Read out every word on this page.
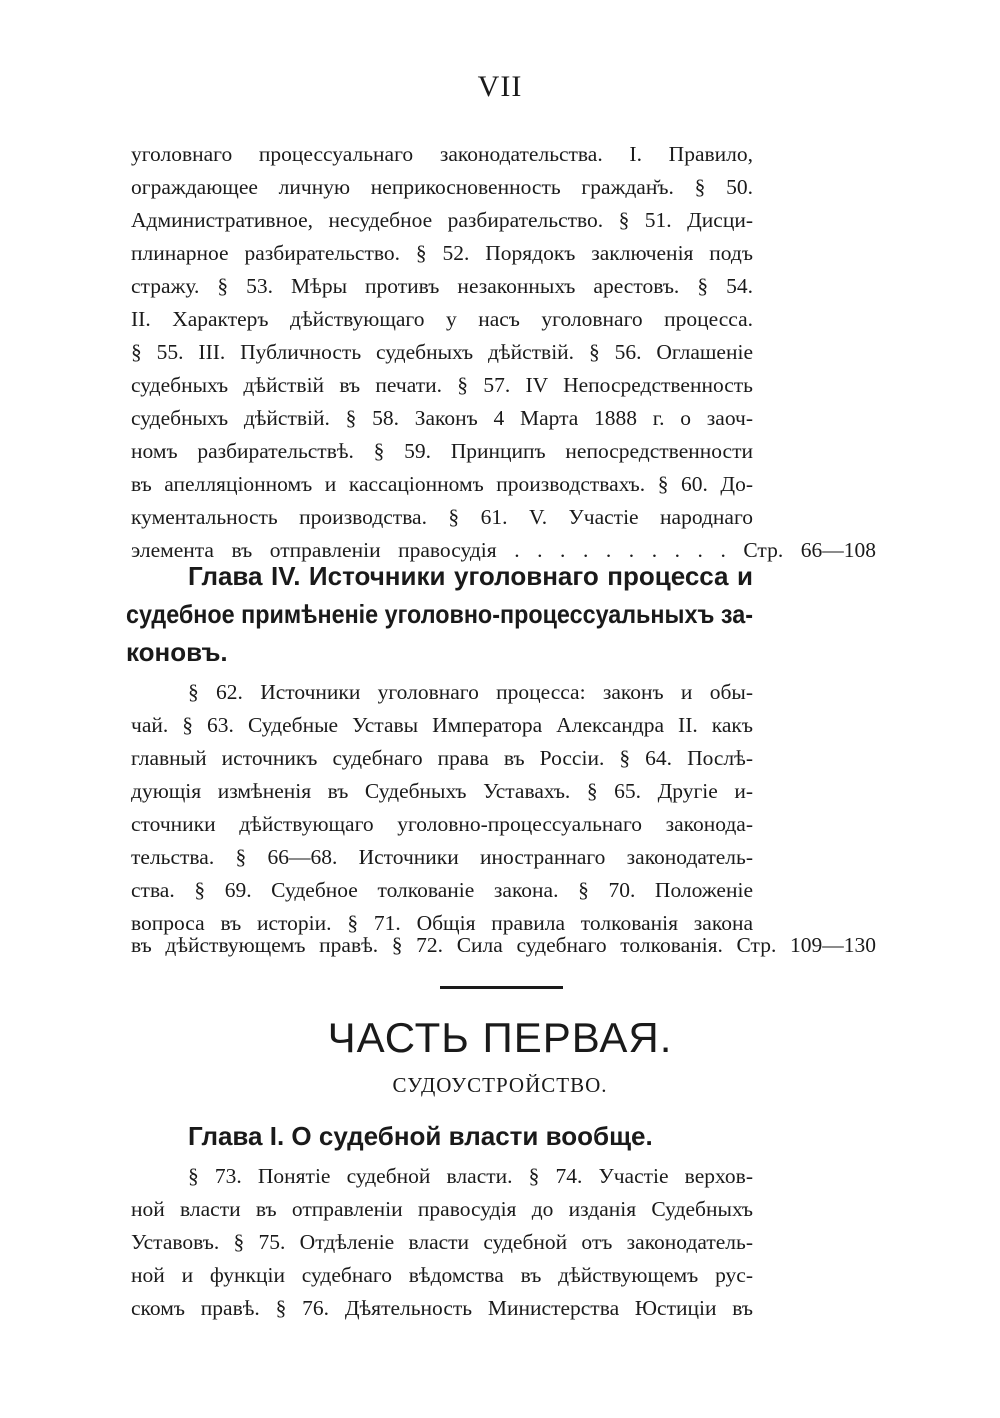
VII
уголовнаго процессуальнаго законодательства. I. Правило,
ограждающее личную неприкосновенность граждан̆ъ. § 50.
Административное, несудебное разбирательство. § 51. Дисци-
плинарное разбирательство. § 52. Порядокъ заключенія подъ
стражу. § 53. Мѣры противъ незаконныхъ арестовъ. § 54.
II. Характеръ дѣйствующаго у насъ уголовнаго процесса.
§ 55. III. Публичность судебныхъ дѣйствій. § 56. Оглашеніе
судебныхъ дѣйствій въ печати. § 57. IV Непосредственность
судебныхъ дѣйствій. § 58. Законъ 4 Марта 1888 г. о заоч-
номъ разбирательствѣ. § 59. Принципъ непосредственности
въ апелляціонномъ и кассаціонномъ производствахъ. § 60. До-
кументальность производства. § 61. V. Участіе народнаго
элемента въ отправленіи правосудія . . . . . . . . . . Стр. 66—108
Глава IV. Источники уголовнаго процесса и
судебное примѣненіе уголовно-процессуальныхъ за-
коновъ.
§ 62. Источники уголовнаго процесса: законъ и обы-
чай. § 63. Судебные Уставы Императора Александра II. какъ
главный источникъ судебнаго права въ Россіи. § 64. Послѣ-
дующія измѣненія въ Судебныхъ Уставахъ. § 65. Другіе и-
сточники дѣйствующаго уголовно-процессуальнаго законода-
тельства. § 66—68. Источники иностраннаго законодатель-
ства. § 69. Судебное толкованіе закона. § 70. Положеніе
вопроса въ исторіи. § 71. Общія правила толкованія закона
въ дѣйствующемъ правѣ. § 72. Сила судебнаго толкованія. Стр. 109—130
ЧАСТЬ ПЕРВАЯ.
СУДОУСТРОЙСТВО.
Глава I. О судебной власти вообще.
§ 73. Понятіе судебной власти. § 74. Участіе верхов-
ной власти въ отправленіи правосудія до изданія Судебныхъ
Уставовъ. § 75. Отдѣленіе власти судебной отъ законодатель-
ной и функціи судебнаго вѣдомства въ дѣйствующемъ рус-
скомъ правѣ. § 76. Дѣятельность Министерства Юстиціи въ
